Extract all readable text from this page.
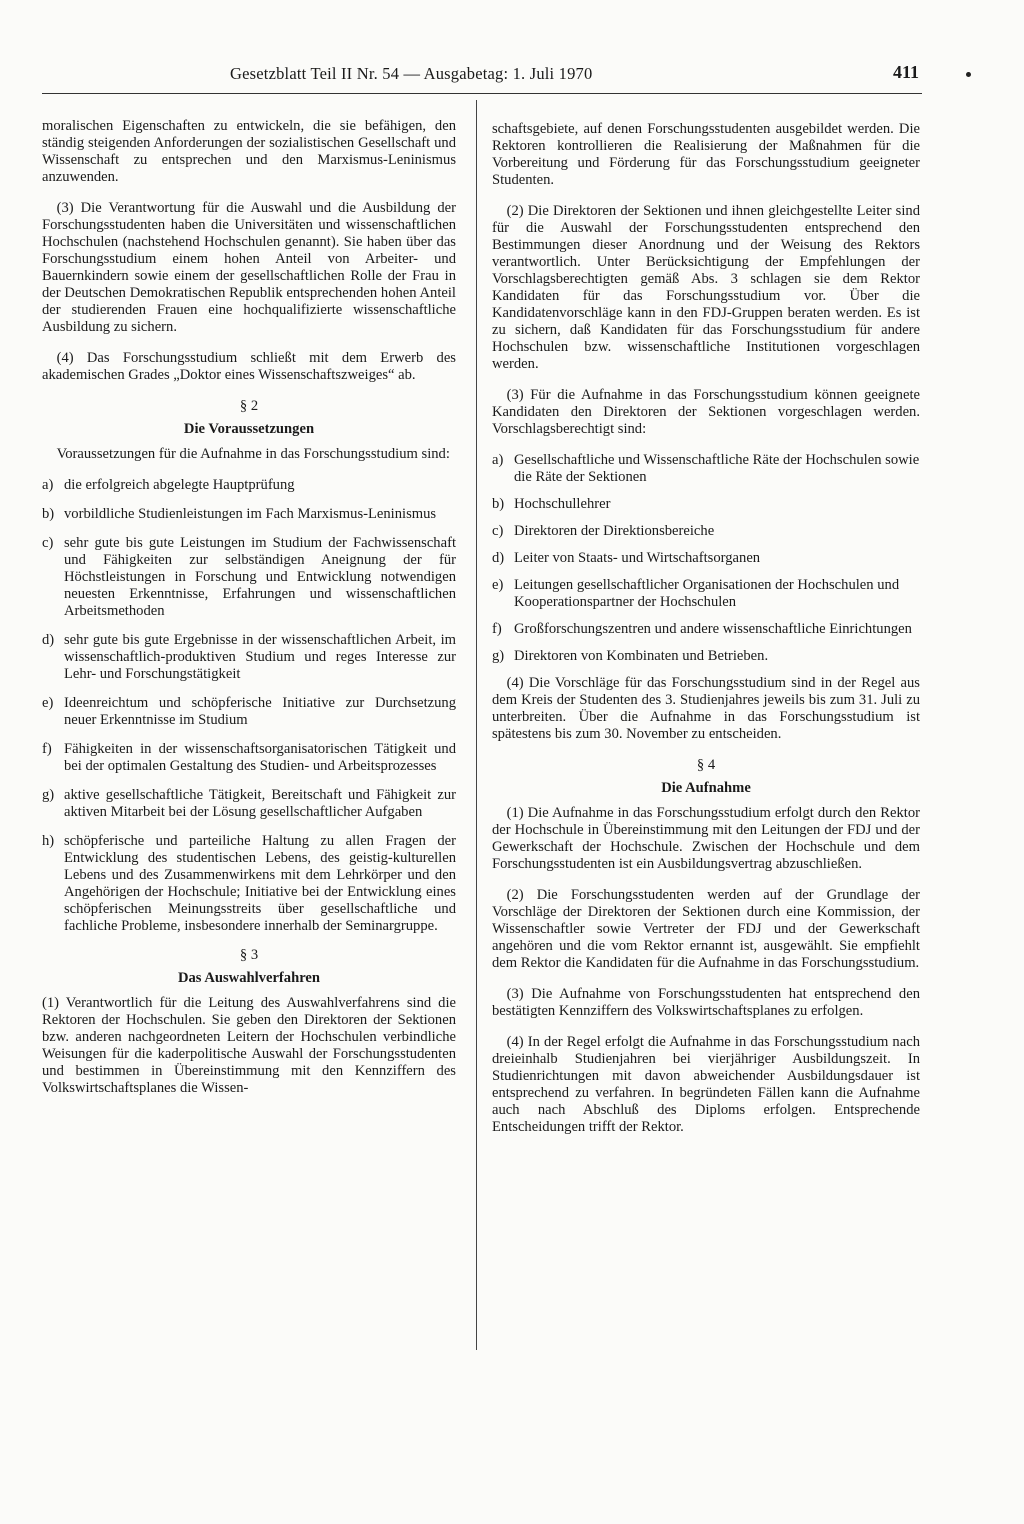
Gesetzblatt Teil II Nr. 54 — Ausgabetag: 1. Juli 1970	411

moralischen Eigenschaften zu entwickeln, die sie befähigen, den ständig steigenden Anforderungen der sozialistischen Gesellschaft und Wissenschaft zu entsprechen und den Marxismus-Leninismus anzuwenden.

(3) Die Verantwortung für die Auswahl und die Ausbildung der Forschungsstudenten haben die Universitäten und wissenschaftlichen Hochschulen (nachstehend Hochschulen genannt). Sie haben über das Forschungsstudium einem hohen Anteil von Arbeiter- und Bauernkindern sowie einem der gesellschaftlichen Rolle der Frau in der Deutschen Demokratischen Republik entsprechenden hohen Anteil der studierenden Frauen eine hochqualifizierte wissenschaftliche Ausbildung zu sichern.

(4) Das Forschungsstudium schließt mit dem Erwerb des akademischen Grades „Doktor eines Wissenschaftszweiges“ ab.

§ 2
Die Voraussetzungen

Voraussetzungen für die Aufnahme in das Forschungsstudium sind:

a) die erfolgreich abgelegte Hauptprüfung
b) vorbildliche Studienleistungen im Fach Marxismus-Leninismus
c) sehr gute bis gute Leistungen im Studium der Fachwissenschaft und Fähigkeiten zur selbständigen Aneignung der für Höchstleistungen in Forschung und Entwicklung notwendigen neuesten Erkenntnisse, Erfahrungen und wissenschaftlichen Arbeitsmethoden
d) sehr gute bis gute Ergebnisse in der wissenschaftlichen Arbeit, im wissenschaftlich-produktiven Studium und reges Interesse zur Lehr- und Forschungstätigkeit
e) Ideenreichtum und schöpferische Initiative zur Durchsetzung neuer Erkenntnisse im Studium
f) Fähigkeiten in der wissenschaftsorganisatorischen Tätigkeit und bei der optimalen Gestaltung des Studien- und Arbeitsprozesses
g) aktive gesellschaftliche Tätigkeit, Bereitschaft und Fähigkeit zur aktiven Mitarbeit bei der Lösung gesellschaftlicher Aufgaben
h) schöpferische und parteiliche Haltung zu allen Fragen der Entwicklung des studentischen Lebens, des geistig-kulturellen Lebens und des Zusammenwirkens mit dem Lehrkörper und den Angehörigen der Hochschule; Initiative bei der Entwicklung eines schöpferischen Meinungsstreits über gesellschaftliche und fachliche Probleme, insbesondere innerhalb der Seminargruppe.
§ 3
Das Auswahlverfahren

(1) Verantwortlich für die Leitung des Auswahlverfahrens sind die Rektoren der Hochschulen. Sie geben den Direktoren der Sektionen bzw. anderen nachgeordneten Leitern der Hochschulen verbindliche Weisungen für die kaderpolitische Auswahl der Forschungsstudenten und bestimmen in Übereinstimmung mit den Kennziffern des Volkswirtschaftsplanes die Wissen-

schaftsgebiete, auf denen Forschungsstudenten ausgebildet werden. Die Rektoren kontrollieren die Realisierung der Maßnahmen für die Vorbereitung und Förderung für das Forschungsstudium geeigneter Studenten.

(2) Die Direktoren der Sektionen und ihnen gleichgestellte Leiter sind für die Auswahl der Forschungsstudenten entsprechend den Bestimmungen dieser Anordnung und der Weisung des Rektors verantwortlich. Unter Berücksichtigung der Empfehlungen der Vorschlagsberechtigten gemäß Abs. 3 schlagen sie dem Rektor Kandidaten für das Forschungsstudium vor. Über die Kandidatenvorschläge kann in den FDJ-Gruppen beraten werden. Es ist zu sichern, daß Kandidaten für das Forschungsstudium für andere Hochschulen bzw. wissenschaftliche Institutionen vorgeschlagen werden.

(3) Für die Aufnahme in das Forschungsstudium können geeignete Kandidaten den Direktoren der Sektionen vorgeschlagen werden. Vorschlagsberechtigt sind:

a) Gesellschaftliche und Wissenschaftliche Räte der Hochschulen sowie die Räte der Sektionen
b) Hochschullehrer
c) Direktoren der Direktionsbereiche
d) Leiter von Staats- und Wirtschaftsorganen
e) Leitungen gesellschaftlicher Organisationen der Hochschulen und Kooperationspartner der Hochschulen
f) Großforschungszentren und andere wissenschaftliche Einrichtungen
g) Direktoren von Kombinaten und Betrieben.

(4) Die Vorschläge für das Forschungsstudium sind in der Regel aus dem Kreis der Studenten des 3. Studienjahres jeweils bis zum 31. Juli zu unterbreiten. Über die Aufnahme in das Forschungsstudium ist spätestens bis zum 30. November zu entscheiden.

§ 4
Die Aufnahme

(1) Die Aufnahme in das Forschungsstudium erfolgt durch den Rektor der Hochschule in Übereinstimmung mit den Leitungen der FDJ und der Gewerkschaft der Hochschule. Zwischen der Hochschule und dem Forschungsstudenten ist ein Ausbildungsvertrag abzuschließen.

(2) Die Forschungsstudenten werden auf der Grundlage der Vorschläge der Direktoren der Sektionen durch eine Kommission, der Wissenschaftler sowie Vertreter der FDJ und der Gewerkschaft angehören und die vom Rektor ernannt ist, ausgewählt. Sie empfiehlt dem Rektor die Kandidaten für die Aufnahme in das Forschungsstudium.

(3) Die Aufnahme von Forschungsstudenten hat entsprechend den bestätigten Kennziffern des Volkswirtschaftsplanes zu erfolgen.

(4) In der Regel erfolgt die Aufnahme in das Forschungsstudium nach dreieinhalb Studienjahren bei vierjähriger Ausbildungszeit. In Studienrichtungen mit davon abweichender Ausbildungsdauer ist entsprechend zu verfahren. In begründeten Fällen kann die Aufnahme auch nach Abschluß des Diploms erfolgen. Entsprechende Entscheidungen trifft der Rektor.
